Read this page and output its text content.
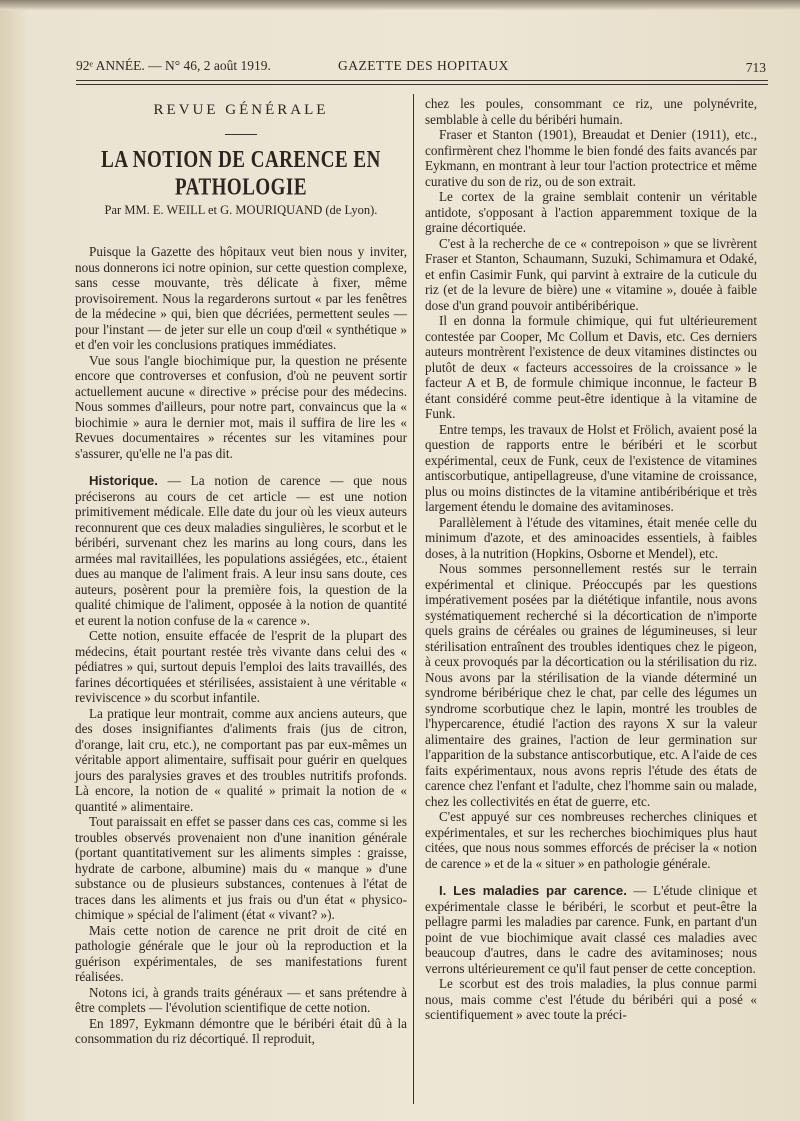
92ᵉ ANNÉE. — N° 46, 2 août 1919.	GAZETTE DES HOPITAUX	713
REVUE GÉNÉRALE
LA NOTION DE CARENCE EN PATHOLOGIE
Par MM. E. WEILL et G. MOURIQUAND (de Lyon).

Puisque la Gazette des hôpitaux veut bien nous y inviter, nous donnerons ici notre opinion, sur cette question complexe, sans cesse mouvante, très délicate à fixer, même provisoirement. Nous la regarderons surtout « par les fenêtres de la médecine » qui, bien que décriées, permettent seules — pour l'instant — de jeter sur elle un coup d'œil « synthétique » et d'en voir les conclusions pratiques immédiates.

Vue sous l'angle biochimique pur, la question ne présente encore que controverses et confusion, d'où ne peuvent sortir actuellement aucune « directive » précise pour des médecins. Nous sommes d'ailleurs, pour notre part, convaincus que la « biochimie » aura le dernier mot, mais il suffira de lire les « Revues documentaires » récentes sur les vitamines pour s'assurer, qu'elle ne l'a pas dit.

Historique. — La notion de carence — que nous préciserons au cours de cet article — est une notion primitivement médicale. Elle date du jour où les vieux auteurs reconnurent que ces deux maladies singulières, le scorbut et le béribéri, survenant chez les marins au long cours, dans les armées mal ravitaillées, les populations assiégées, etc., étaient dues au manque de l'aliment frais. A leur insu sans doute, ces auteurs, posèrent pour la première fois, la question de la qualité chimique de l'aliment, opposée à la notion de quantité et eurent la notion confuse de la « carence ».

Cette notion, ensuite effacée de l'esprit de la plupart des médecins, était pourtant restée très vivante dans celui des « pédiatres » qui, surtout depuis l'emploi des laits travaillés, des farines décortiquées et stérilisées, assistaient à une véritable « reviviscence » du scorbut infantile.

La pratique leur montrait, comme aux anciens auteurs, que des doses insignifiantes d'aliments frais (jus de citron, d'orange, lait cru, etc.), ne comportant pas par eux-mêmes un véritable apport alimentaire, suffisait pour guérir en quelques jours des paralysies graves et des troubles nutritifs profonds. Là encore, la notion de « qualité » primait la notion de « quantité » alimentaire.

Tout paraissait en effet se passer dans ces cas, comme si les troubles observés provenaient non d'une inanition générale (portant quantitativement sur les aliments simples : graisse, hydrate de carbone, albumine) mais du « manque » d'une substance ou de plusieurs substances, contenues à l'état de traces dans les aliments et jus frais ou d'un état « physico-chimique » spécial de l'aliment (état « vivant? »).

Mais cette notion de carence ne prit droit de cité en pathologie générale que le jour où la reproduction et la guérison expérimentales, de ses manifestations furent réalisées.

Notons ici, à grands traits généraux — et sans prétendre à être complets — l'évolution scientifique de cette notion.

En 1897, Eykmann démontre que le béribéri était dû à la consommation du riz décortiqué. Il reproduit,

chez les poules, consommant ce riz, une polynévrite, semblable à celle du béribéri humain.

Fraser et Stanton (1901), Breaudat et Denier (1911), etc., confirmèrent chez l'homme le bien fondé des faits avancés par Eykmann, en montrant à leur tour l'action protectrice et même curative du son de riz, ou de son extrait.

Le cortex de la graine semblait contenir un véritable antidote, s'opposant à l'action apparemment toxique de la graine décortiquée.

C'est à la recherche de ce « contrepoison » que se livrèrent Fraser et Stanton, Schaumann, Suzuki, Schimamura et Odaké, et enfin Casimir Funk, qui parvint à extraire de la cuticule du riz (et de la levure de bière) une « vitamine », douée à faible dose d'un grand pouvoir antibéribérique.

Il en donna la formule chimique, qui fut ultérieurement contestée par Cooper, Mc Collum et Davis, etc. Ces derniers auteurs montrèrent l'existence de deux vitamines distinctes ou plutôt de deux « facteurs accessoires de la croissance » le facteur A et B, de formule chimique inconnue, le facteur B étant considéré comme peut-être identique à la vitamine de Funk.

Entre temps, les travaux de Holst et Frölich, avaient posé la question de rapports entre le béribéri et le scorbut expérimental, ceux de Funk, ceux de l'existence de vitamines antiscorbutique, antipellagreuse, d'une vitamine de croissance, plus ou moins distinctes de la vitamine antibéribérique et très largement étendu le domaine des avitaminoses.

Parallèlement à l'étude des vitamines, était menée celle du minimum d'azote, et des aminoacides essentiels, à faibles doses, à la nutrition (Hopkins, Osborne et Mendel), etc.

Nous sommes personnellement restés sur le terrain expérimental et clinique. Préoccupés par les questions impérativement posées par la diététique infantile, nous avons systématiquement recherché si la décortication de n'importe quels grains de céréales ou graines de légumineuses, si leur stérilisation entraînent des troubles identiques chez le pigeon, à ceux provoqués par la décortication ou la stérilisation du riz. Nous avons par la stérilisation de la viande déterminé un syndrome béribérique chez le chat, par celle des légumes un syndrome scorbutique chez le lapin, montré les troubles de l'hypercarence, étudié l'action des rayons X sur la valeur alimentaire des graines, l'action de leur germination sur l'apparition de la substance antiscorbutique, etc. A l'aide de ces faits expérimentaux, nous avons repris l'étude des états de carence chez l'enfant et l'adulte, chez l'homme sain ou malade, chez les collectivités en état de guerre, etc.

C'est appuyé sur ces nombreuses recherches cliniques et expérimentales, et sur les recherches biochimiques plus haut citées, que nous nous sommes efforcés de préciser la « notion de carence » et de la « situer » en pathologie générale.

I. Les maladies par carence. — L'étude clinique et expérimentale classe le béribéri, le scorbut et peut-être la pellagre parmi les maladies par carence. Funk, en partant d'un point de vue biochimique avait classé ces maladies avec beaucoup d'autres, dans le cadre des avitaminoses; nous verrons ultérieurement ce qu'il faut penser de cette conception.

Le scorbut est des trois maladies, la plus connue parmi nous, mais comme c'est l'étude du béribéri qui a posé « scientifiquement » avec toute la préci-
